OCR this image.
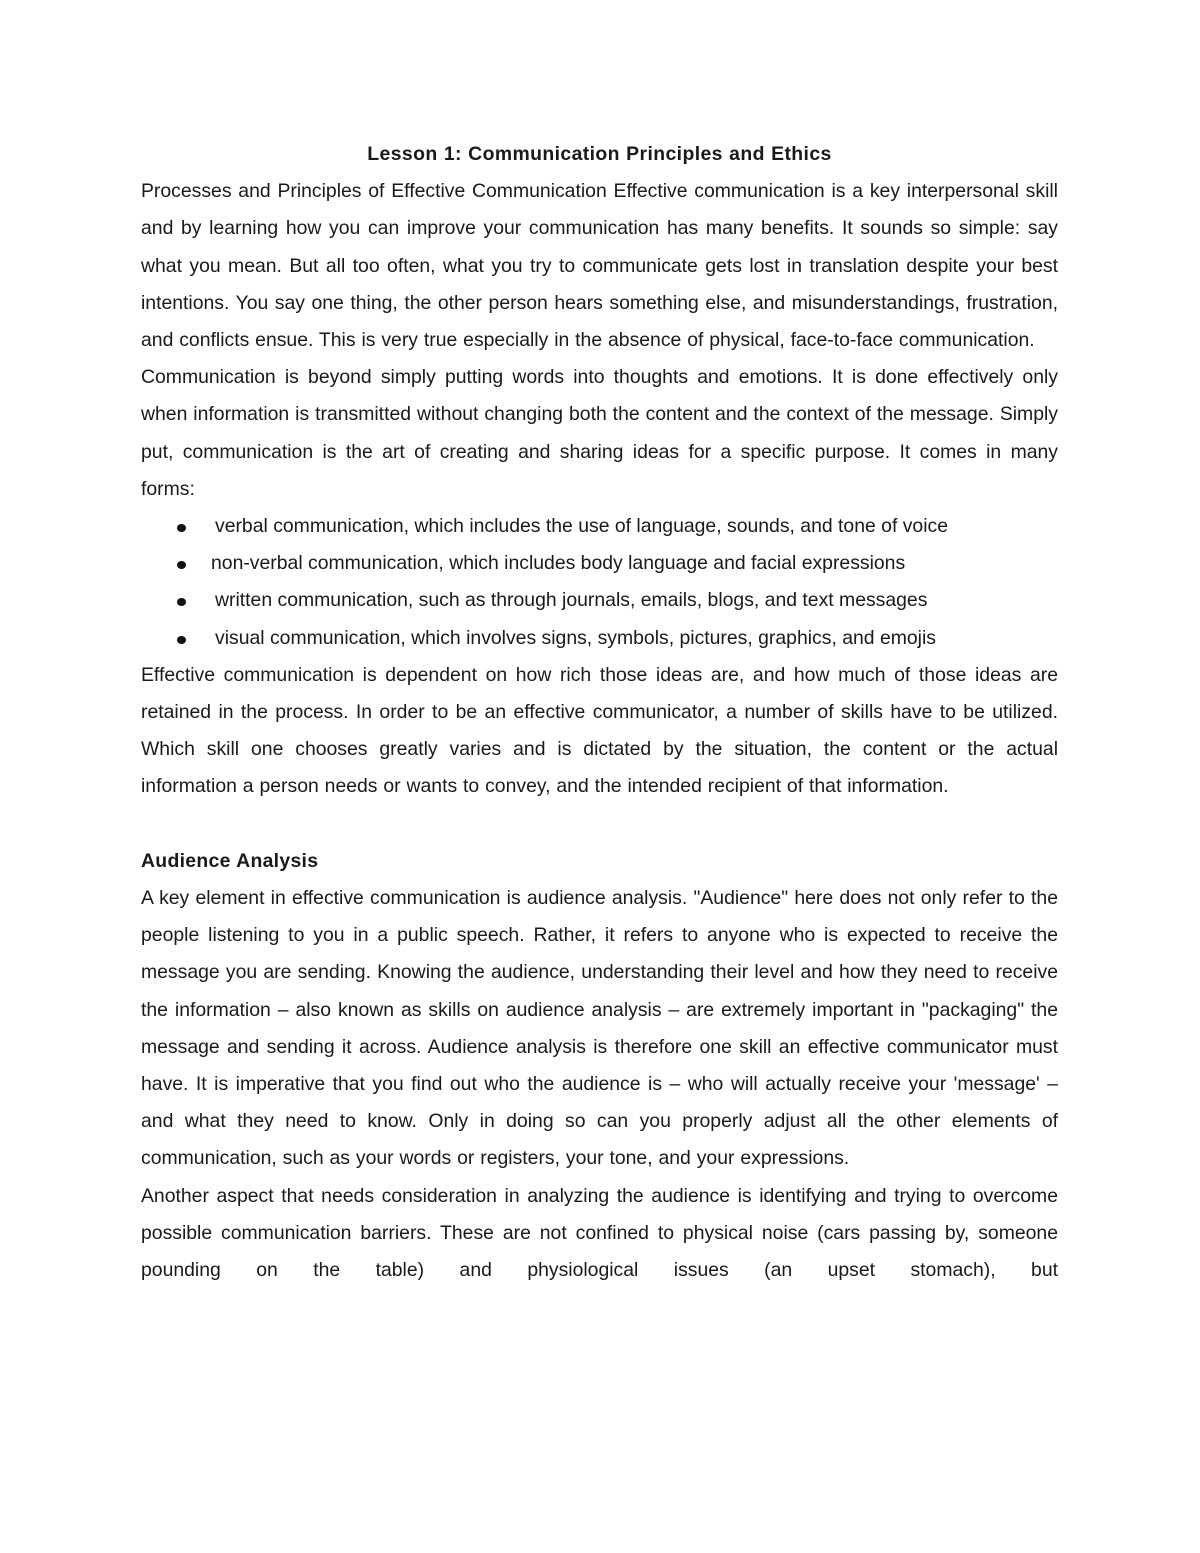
Lesson 1: Communication Principles and Ethics

Processes and Principles of Effective Communication Effective communication is a key interpersonal skill and by learning how you can improve your communication has many benefits. It sounds so simple: say what you mean. But all too often, what you try to communicate gets lost in translation despite your best intentions. You say one thing, the other person hears something else, and misunderstandings, frustration, and conflicts ensue. This is very true especially in the absence of physical, face-to-face communication.

Communication is beyond simply putting words into thoughts and emotions. It is done effectively only when information is transmitted without changing both the content and the context of the message. Simply put, communication is the art of creating and sharing ideas for a specific purpose. It comes in many forms:

verbal communication, which includes the use of language, sounds, and tone of voice
non-verbal communication, which includes body language and facial expressions
written communication, such as through journals, emails, blogs, and text messages
visual communication, which involves signs, symbols, pictures, graphics, and emojis

Effective communication is dependent on how rich those ideas are, and how much of those ideas are retained in the process. In order to be an effective communicator, a number of skills have to be utilized. Which skill one chooses greatly varies and is dictated by the situation, the content or the actual information a person needs or wants to convey, and the intended recipient of that information.

Audience Analysis

A key element in effective communication is audience analysis. "Audience" here does not only refer to the people listening to you in a public speech. Rather, it refers to anyone who is expected to receive the message you are sending. Knowing the audience, understanding their level and how they need to receive the information – also known as skills on audience analysis – are extremely important in "packaging" the message and sending it across. Audience analysis is therefore one skill an effective communicator must have. It is imperative that you find out who the audience is – who will actually receive your 'message' – and what they need to know. Only in doing so can you properly adjust all the other elements of communication, such as your words or registers, your tone, and your expressions.

Another aspect that needs consideration in analyzing the audience is identifying and trying to overcome possible communication barriers. These are not confined to physical noise (cars passing by, someone pounding on the table) and physiological issues (an upset stomach), but
